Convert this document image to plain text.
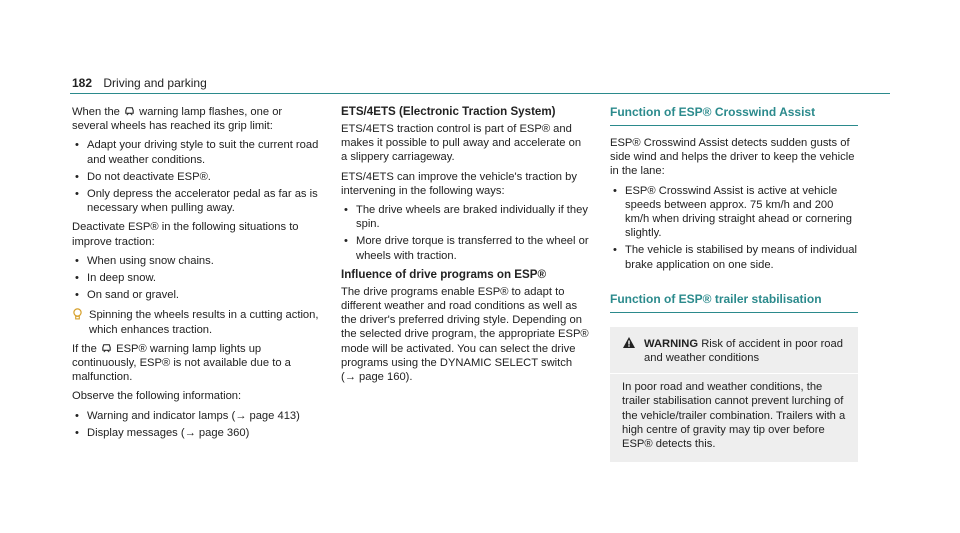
182 Driving and parking

When the warning lamp flashes, one or several wheels has reached its grip limit:

• Adapt your driving style to suit the current road and weather conditions.
• Do not deactivate ESP®.
• Only depress the accelerator pedal as far as is necessary when pulling away.

Deactivate ESP® in the following situations to improve traction:

• When using snow chains.
• In deep snow.
• On sand or gravel.
Spinning the wheels results in a cutting action, which enhances traction.

If the ESP® warning lamp lights up continuously, ESP® is not available due to a malfunction.

Observe the following information:

• Warning and indicator lamps (→ page 413)
• Display messages (→ page 360)
ETS/4ETS (Electronic Traction System)

ETS/4ETS traction control is part of ESP® and makes it possible to pull away and accelerate on a slippery carriageway.

ETS/4ETS can improve the vehicle's traction by intervening in the following ways:

• The drive wheels are braked individually if they spin.
• More drive torque is transferred to the wheel or wheels with traction.
Influence of drive programs on ESP®

The drive programs enable ESP® to adapt to different weather and road conditions as well as the driver's preferred driving style. Depending on the selected drive program, the appropriate ESP® mode will be activated. You can select the drive programs using the DYNAMIC SELECT switch (→ page 160).

Function of ESP® Crosswind Assist

ESP® Crosswind Assist detects sudden gusts of side wind and helps the driver to keep the vehicle in the lane:

• ESP® Crosswind Assist is active at vehicle speeds between approx. 75 km/h and 200 km/h when driving straight ahead or cornering slightly.
• The vehicle is stabilised by means of individual brake application on one side.
Function of ESP® trailer stabilisation
WARNING Risk of accident in poor road and weather conditions

In poor road and weather conditions, the trailer stabilisation cannot prevent lurching of the vehicle/trailer combination. Trailers with a high centre of gravity may tip over before ESP® detects this.
